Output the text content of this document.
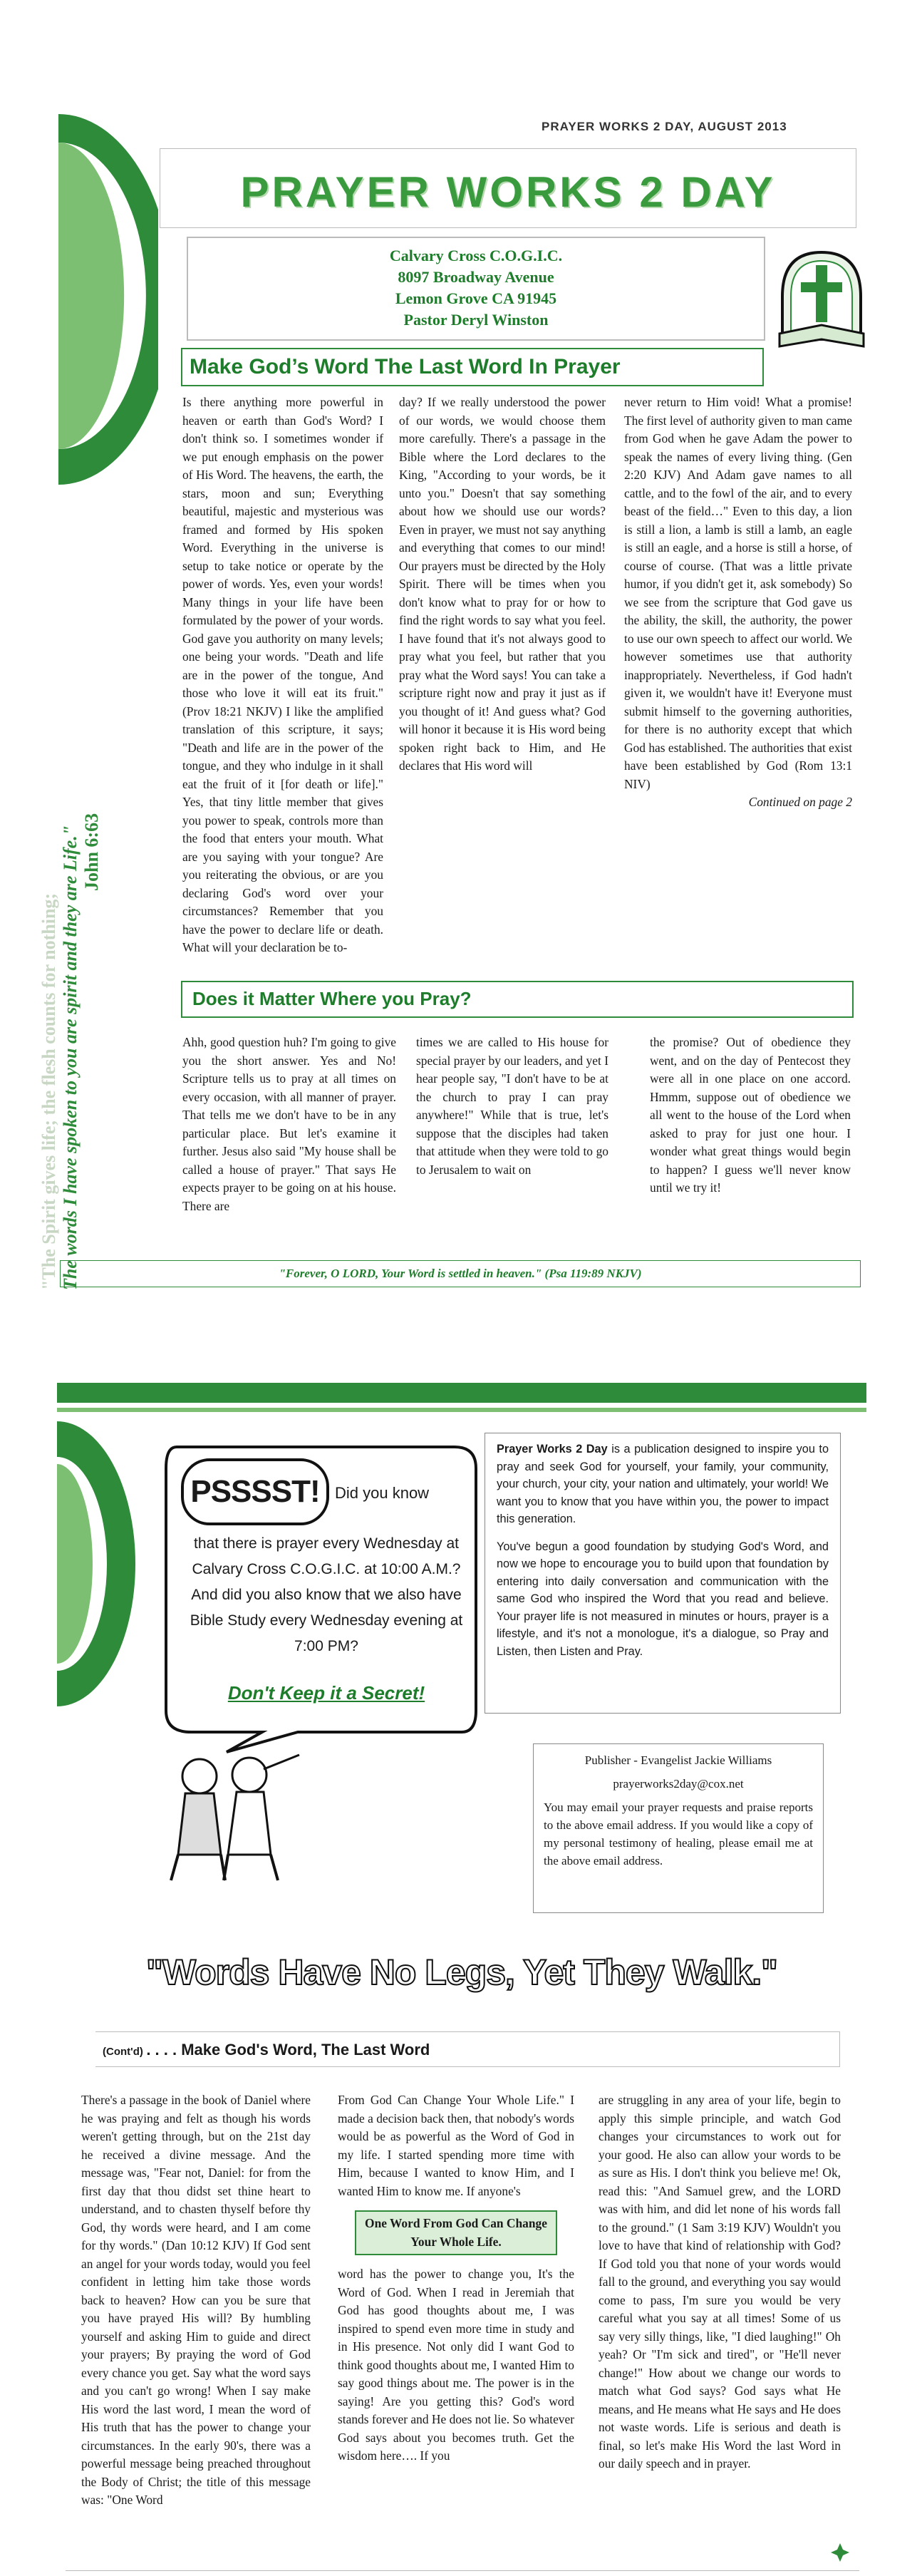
PRAYER WORKS 2 DAY, AUGUST 2013
PRAYER WORKS 2 DAY
Calvary Cross C.O.G.I.C.
8097 Broadway Avenue
Lemon Grove CA 91945
Pastor Deryl Winston
Make God’s Word The Last Word In Prayer
"The Spirit gives life; the flesh counts for nothing; The words I have spoken to you are spirit and they are Life." John 6:63

Is there anything more powerful in heaven or earth than God's Word? I don't think so. I sometimes wonder if we put enough emphasis on the power of His Word. The heavens, the earth, the stars, moon and sun; Everything beautiful, majestic and mysterious was framed and formed by His spoken Word. Everything in the universe is setup to take notice or operate by the power of words. Yes, even your words! Many things in your life have been formulated by the power of your words. God gave you authority on many levels; one being your words. "Death and life are in the power of the tongue, And those who love it will eat its fruit." (Prov 18:21 NKJV) I like the amplified translation of this scripture, it says; "Death and life are in the power of the tongue, and they who indulge in it shall eat the fruit of it [for death or life]." Yes, that tiny little member that gives you power to speak, controls more than the food that enters your mouth. What are you saying with your tongue? Are you reiterating the obvious, or are you declaring God's word over your circumstances? Remember that you have the power to declare life or death. What will your declaration be to-

day? If we really understood the power of our words, we would choose them more carefully. There's a passage in the Bible where the Lord declares to the King, "According to your words, be it unto you." Doesn't that say something about how we should use our words? Even in prayer, we must not say anything and everything that comes to our mind! Our prayers must be directed by the Holy Spirit. There will be times when you don't know what to pray for or how to find the right words to say what you feel. I have found that it's not always good to pray what you feel, but rather that you pray what the Word says! You can take a scripture right now and pray it just as if you thought of it! And guess what? God will honor it because it is His word being spoken right back to Him, and He declares that His word will

never return to Him void! What a promise! The first level of authority given to man came from God when he gave Adam the power to speak the names of every living thing. (Gen 2:20 KJV) And Adam gave names to all cattle, and to the fowl of the air, and to every beast of the field…" Even to this day, a lion is still a lion, a lamb is still a lamb, an eagle is still an eagle, and a horse is still a horse, of course of course. (That was a little private humor, if you didn't get it, ask somebody) So we see from the scripture that God gave us the ability, the skill, the authority, the power to use our own speech to affect our world. We however sometimes use that authority inappropriately. Nevertheless, if God hadn't given it, we wouldn't have it! Everyone must submit himself to the governing authorities, for there is no authority except that which God has established. The authorities that exist have been established by God (Rom 13:1 NIV)

Continued on page 2
Does it Matter Where you Pray?

Ahh, good question huh? I'm going to give you the short answer. Yes and No! Scripture tells us to pray at all times on every occasion, with all manner of prayer. That tells me we don't have to be in any particular place. But let's examine it further. Jesus also said "My house shall be called a house of prayer." That says He expects prayer to be going on at his house. There are

times we are called to His house for special prayer by our leaders, and yet I hear people say, "I don't have to be at the church to pray I can pray anywhere!" While that is true, let's suppose that the disciples had taken that attitude when they were told to go to Jerusalem to wait on

the promise? Out of obedience they went, and on the day of Pentecost they were all in one place on one accord. Hmmm, suppose out of obedience we all went to the house of the Lord when asked to pray for just one hour. I wonder what great things would begin to happen? I guess we'll never know until we try it!

"Forever, O LORD, Your Word is settled in heaven." (Psa 119:89 NKJV)
PSSSST! Did you know
that there is prayer every Wednesday at Calvary Cross C.O.G.I.C. at 10:00 A.M.? And did you also know that we also have Bible Study every Wednesday evening at 7:00 PM?
Don't Keep it a Secret!

Prayer Works 2 Day is a publication designed to inspire you to pray and seek God for yourself, your family, your community, your church, your city, your nation and ultimately, your world! We want you to know that you have within you, the power to impact this generation.

You've begun a good foundation by studying God's Word, and now we hope to encourage you to build upon that foundation by entering into daily conversation and communication with the same God who inspired the Word that you read and believe. Your prayer life is not measured in minutes or hours, prayer is a lifestyle, and it's not a monologue, it's a dialogue, so Pray and Listen, then Listen and Pray.

Publisher - Evangelist Jackie Williams
prayerworks2day@cox.net
You may email your prayer requests and praise reports to the above email address. If you would like a copy of my personal testimony of healing, please email me at the above email address.
"Words Have No Legs, Yet They Walk."
(Cont'd) . . . . Make God's Word, The Last Word

There's a passage in the book of Daniel where he was praying and felt as though his words weren't getting through, but on the 21st day he received a divine message. And the message was, "Fear not, Daniel: for from the first day that thou didst set thine heart to understand, and to chasten thyself before thy God, thy words were heard, and I am come for thy words." (Dan 10:12 KJV) If God sent an angel for your words today, would you feel confident in letting him take those words back to heaven? How can you be sure that you have prayed His will? By humbling yourself and asking Him to guide and direct your prayers; By praying the word of God every chance you get. Say what the word says and you can't go wrong! When I say make His word the last word, I mean the word of His truth that has the power to change your circumstances. In the early 90's, there was a powerful message being preached throughout the Body of Christ; the title of this message was: "One Word

From God Can Change Your Whole Life." I made a decision back then, that nobody's words would be as powerful as the Word of God in my life. I started spending more time with Him, because I wanted to know Him, and I wanted Him to know me. If anyone's

One Word From God Can Change Your Whole Life.

word has the power to change you, It's the Word of God. When I read in Jeremiah that God has good thoughts about me, I was inspired to spend even more time in study and in His presence. Not only did I want God to think good thoughts about me, I wanted Him to say good things about me. The power is in the saying! Are you getting this? God's word stands forever and He does not lie. So whatever God says about you becomes truth. Get the wisdom here…. If you

are struggling in any area of your life, begin to apply this simple principle, and watch God changes your circumstances to work out for your good. He also can allow your words to be as sure as His. I don't think you believe me! Ok, read this: "And Samuel grew, and the LORD was with him, and did let none of his words fall to the ground." (1 Sam 3:19 KJV) Wouldn't you love to have that kind of relationship with God? If God told you that none of your words would fall to the ground, and everything you say would come to pass, I'm sure you would be very careful what you say at all times! Some of us say very silly things, like, "I died laughing!" Oh yeah? Or "I'm sick and tired", or "He'll never change!" How about we change our words to match what God says? God says what He means, and He means what He says and He does not waste words. Life is serious and death is final, so let's make His Word the last Word in our daily speech and in prayer.
